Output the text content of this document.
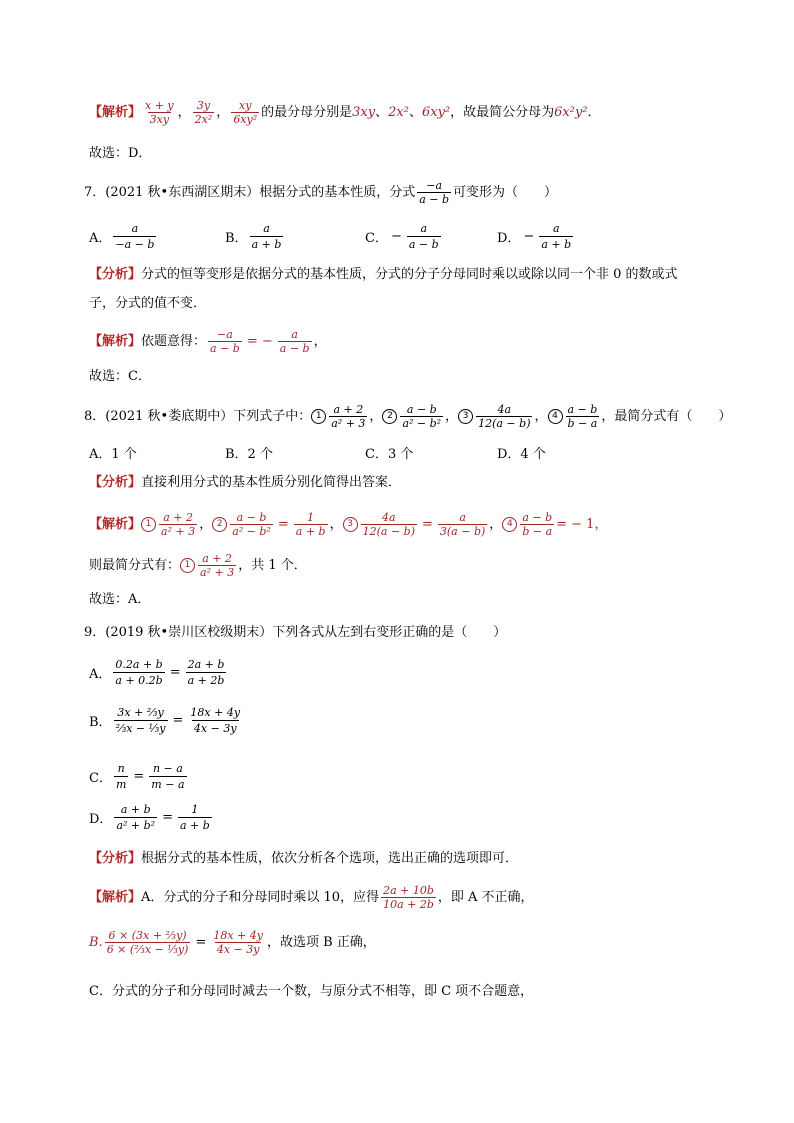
【解析】 $\frac{x + y}{3xy}$ ， $\frac{3y}{\text{2x²}}$ ， $\frac{xy}{\text{6xy²}}$ 的最分母分别是 3xy 、 2x² 、 6xy² ，故最简公分母为 6x²y² ．
故选：D．
7．(2021 秋•东西湖区期末）根据分式的基本性质，分式 $\frac{-a}{a - b}$ 可变形为（　　）
A． $\frac{a}{-a - b}$	B． $\frac{a}{a + b}$	C． − $\frac{a}{a - b}$	D． − $\frac{a}{a + b}$
【分析】 分式的恒等变形是依据分式的基本性质，分式的分子分母同时乘以或除以同一个非 0 的数或式
子，分式的值不变．
【解析】 依题意得： $\frac{-a}{a - b}$ = − $\frac{a}{a - b}$ ，
故选：C．
8．(2021 秋•娄底期中）下列式子中： $1 \frac{a + 2}{\text{a² + 3}}$ ， $2 \frac{a - b}{\text{a² − b²}}$ ， $3 \frac{4a}{12(a - b)}$ ， $4 \frac{a - b}{b - a}$ ，最简分式有（　　）
A．1 个	B．2 个	C．3 个	D．4 个
【分析】 直接利用分式的基本性质分别化简得出答案．
【解析】 $1 \frac{a + 2}{\text{a² + 3}}$ ， $2 \frac{a - b}{\text{a² − b²}} = \frac{1}{a + b}$ ， $3 \frac{4a}{12(a - b)} = \frac{a}{3(a - b)}$ ， $4 \frac{a - b}{b - a}$ = − 1，
则最简分式有： $1 \frac{a + 2}{\text{a² + 3}}$ ，共 1 个．
故选：A．
9．(2019 秋•崇川区校级期末）下列各式从左到右变形正确的是（　　）
A． $\frac{0.2a + b}{a + 0.2b} = \frac{2a + b}{a + 2b}$
B． $\frac{\text{3x + ⅔y}}{\text{⅔x − ⅓y}} = \frac{18x + 4y}{4x - 3y}$
C． $\frac{n}{m} = \frac{n - a}{m - a}$
D． $\frac{a + b}{\text{a² + b²}} = \frac{1}{a + b}$
【分析】 根据分式的基本性质，依次分析各个选项，选出正确的选项即可．
【解析】 A．分式的分子和分母同时乘以 10，应得 $\frac{2a + 10b}{10a + 2b}$ ，即 A 不正确，
B. $\frac{\text{6 × (3x + ⅔y)}}{\text{6 × (⅔x − ⅓y)}} = \frac{18x + 4y}{4x - 3y}$ ，故选项 B 正确，
C．分式的分子和分母同时减去一个数，与原分式不相等，即 C 项不合题意，
